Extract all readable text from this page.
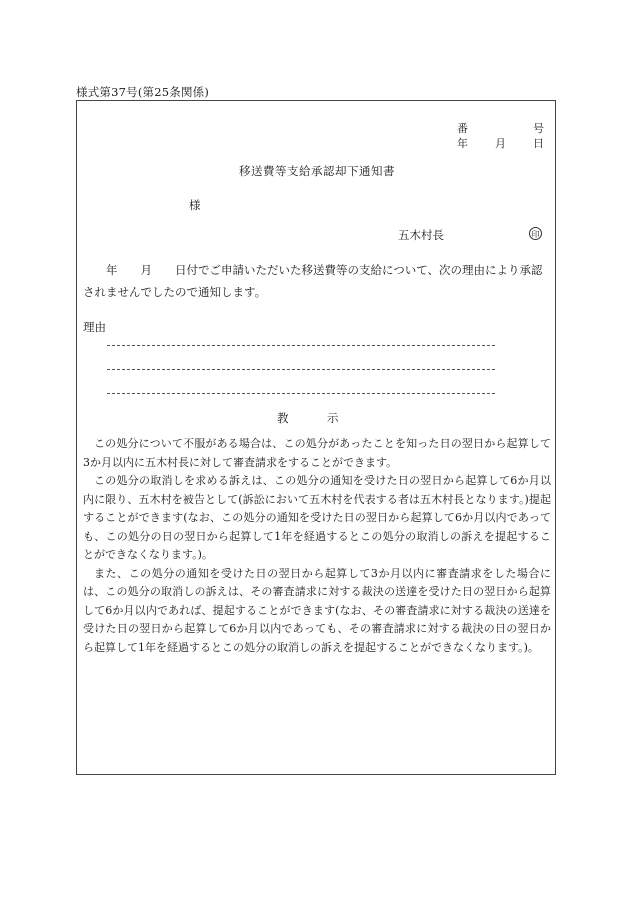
様式第37号(第25条関係)
番	号
年 月 日
移送費等支給承認却下通知書
様
五木村長	印
　　年　　月　　日付でご申請いただいた移送費等の支給について、次の理由により承認されませんでしたので通知します。
理由
教	示

この処分について不服がある場合は、この処分があったことを知った日の翌日から起算して3か月以内に五木村長に対して審査請求をすることができます。

この処分の取消しを求める訴えは、この処分の通知を受けた日の翌日から起算して6か月以内に限り、五木村を被告として(訴訟において五木村を代表する者は五木村長となります。)提起することができます(なお、この処分の通知を受けた日の翌日から起算して6か月以内であっても、この処分の日の翌日から起算して1年を経過するとこの処分の取消しの訴えを提起することができなくなります。)。

また、この処分の通知を受けた日の翌日から起算して3か月以内に審査請求をした場合には、この処分の取消しの訴えは、その審査請求に対する裁決の送達を受けた日の翌日から起算して6か月以内であれば、提起することができます(なお、その審査請求に対する裁決の送達を受けた日の翌日から起算して6か月以内であっても、その審査請求に対する裁決の日の翌日から起算して1年を経過するとこの処分の取消しの訴えを提起することができなくなります。)。
